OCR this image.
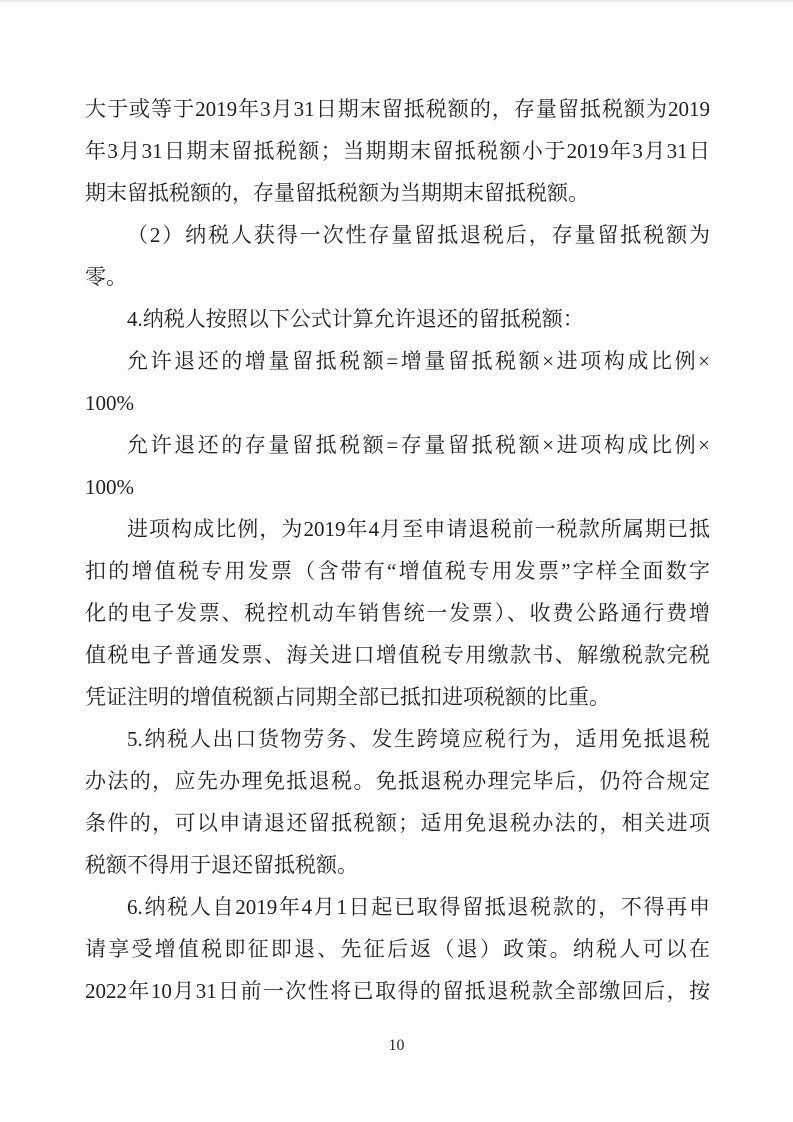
大于或等于2019年3月31日期末留抵税额的，存量留抵税额为2019
年3月31日期末留抵税额；当期期末留抵税额小于2019年3月31日
期末留抵税额的，存量留抵税额为当期期末留抵税额。

（2）纳税人获得一次性存量留抵退税后，存量留抵税额为
零。

4.纳税人按照以下公式计算允许退还的留抵税额：

允许退还的增量留抵税额=增量留抵税额×进项构成比例×
100%

允许退还的存量留抵税额=存量留抵税额×进项构成比例×
100%

进项构成比例，为2019年4月至申请退税前一税款所属期已抵
扣的增值税专用发票（含带有“增值税专用发票”字样全面数字
化的电子发票、税控机动车销售统一发票）、收费公路通行费增
值税电子普通发票、海关进口增值税专用缴款书、解缴税款完税
凭证注明的增值税额占同期全部已抵扣进项税额的比重。

5.纳税人出口货物劳务、发生跨境应税行为，适用免抵退税
办法的，应先办理免抵退税。免抵退税办理完毕后，仍符合规定
条件的，可以申请退还留抵税额；适用免退税办法的，相关进项
税额不得用于退还留抵税额。

6.纳税人自2019年4月1日起已取得留抵退税款的，不得再申
请享受增值税即征即退、先征后返（退）政策。纳税人可以在
2022年10月31日前一次性将已取得的留抵退税款全部缴回后，按

10
